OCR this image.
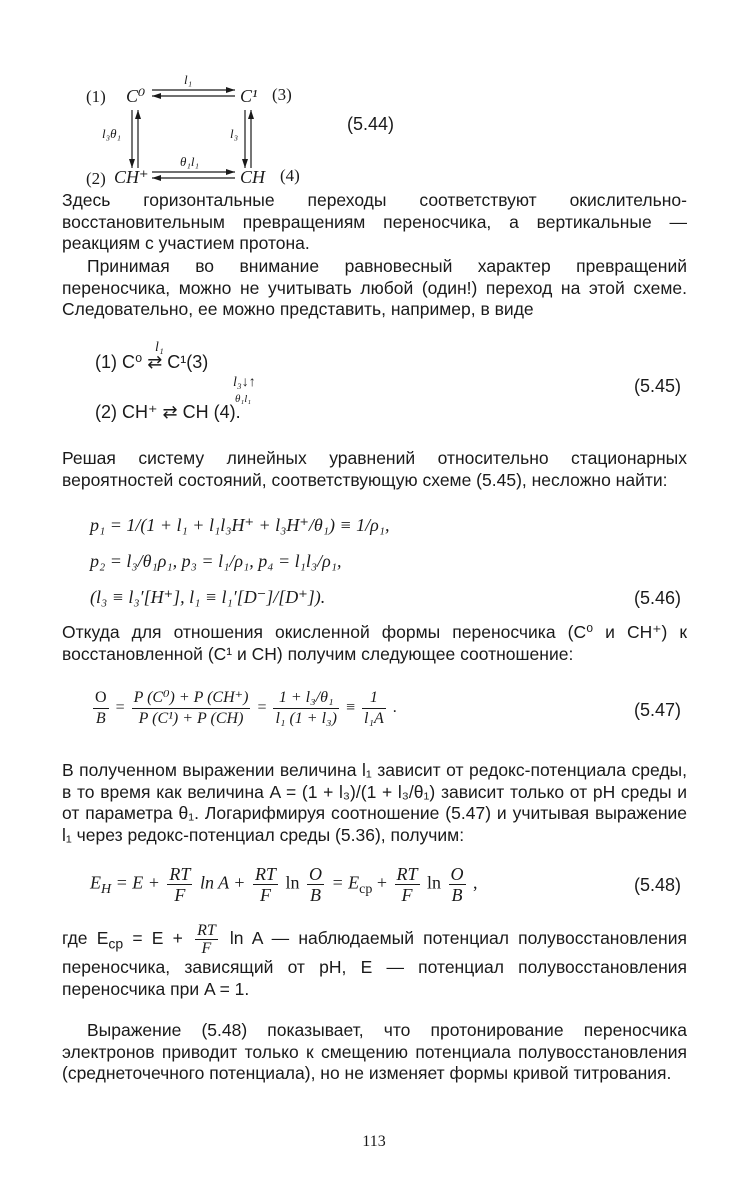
(1) C⁰
l₁
C¹ (3)
l₃θ₁	l₃
(2) CH⁺
θ₁l₁
CH (4)
(5.44)

Здесь горизонтальные переходы соответствуют окислительно-восстановительным превращениям переносчика, а вертикальные — реакциям с участием протона.

Принимая во внимание равновесный характер превращений переносчика, можно не учитывать любой (один!) переход на этой схеме. Следовательно, ее можно представить, например, в виде

l₁
(1) C⁰ ⇄ C¹(3)
l₃↓↑
θ₁l₁
(2) CH⁺ ⇄ CH (4).
(5.45)

Решая систему линейных уравнений относительно стационарных вероятностей состояний, соответствующую схеме (5.45), несложно найти:

p₁ = 1/(1 + l₁ + l₁l₃H⁺ + l₃H⁺/θ₁) ≡ 1/ρ₁,
p₂ = l₃/θ₁ρ₁, p₃ = l₁/ρ₁, p₄ = l₁l₃/ρ₁,
(l₃ ≡ l₃′[H⁺], l₁ ≡ l₁′[D⁻]/[D⁺]).	(5.46)

Откуда для отношения окисленной формы переносчика (C⁰ и CH⁺) к восстановленной (C¹ и CH) получим следующее соотношение:

$\frac{O}{B} = \frac{\text{P (C⁰) + P (CH⁺)}}{\text{P (C¹) + P (CH)}} = \frac{\text{1 + l₃/θ₁}}{\text{l₁ (1 + l₃)}} \equiv \frac{1}{\text{l₁A}}$ .	(5.47)

В полученном выражении величина l₁ зависит от редокс-потенциала среды, в то время как величина A = (1 + l₃)/(1 + l₃/θ₁) зависит только от pH среды и от параметра θ₁. Логарифмируя соотношение (5.47) и учитывая выражение l₁ через редокс-потенциал среды (5.36), получим:

$E_H = E + \frac{RT}{F}$ $\ln A + \frac{RT}{F}$ $\ln \frac{O}{B} = E_{ср} + \frac{RT}{F}$ $\ln \frac{O}{B}$ ,	(5.48)
где $E_{ср} = E + \frac{RT}{F}$ ln A — наблюдаемый потенциал полувосстановления переносчика, зависящий от pH, E — потенциал полувосстановления переносчика при A = 1.

Выражение (5.48) показывает, что протонирование переносчика электронов приводит только к смещению потенциала полувосстановления (среднеточечного потенциала), но не изменяет формы кривой титрования.

113
